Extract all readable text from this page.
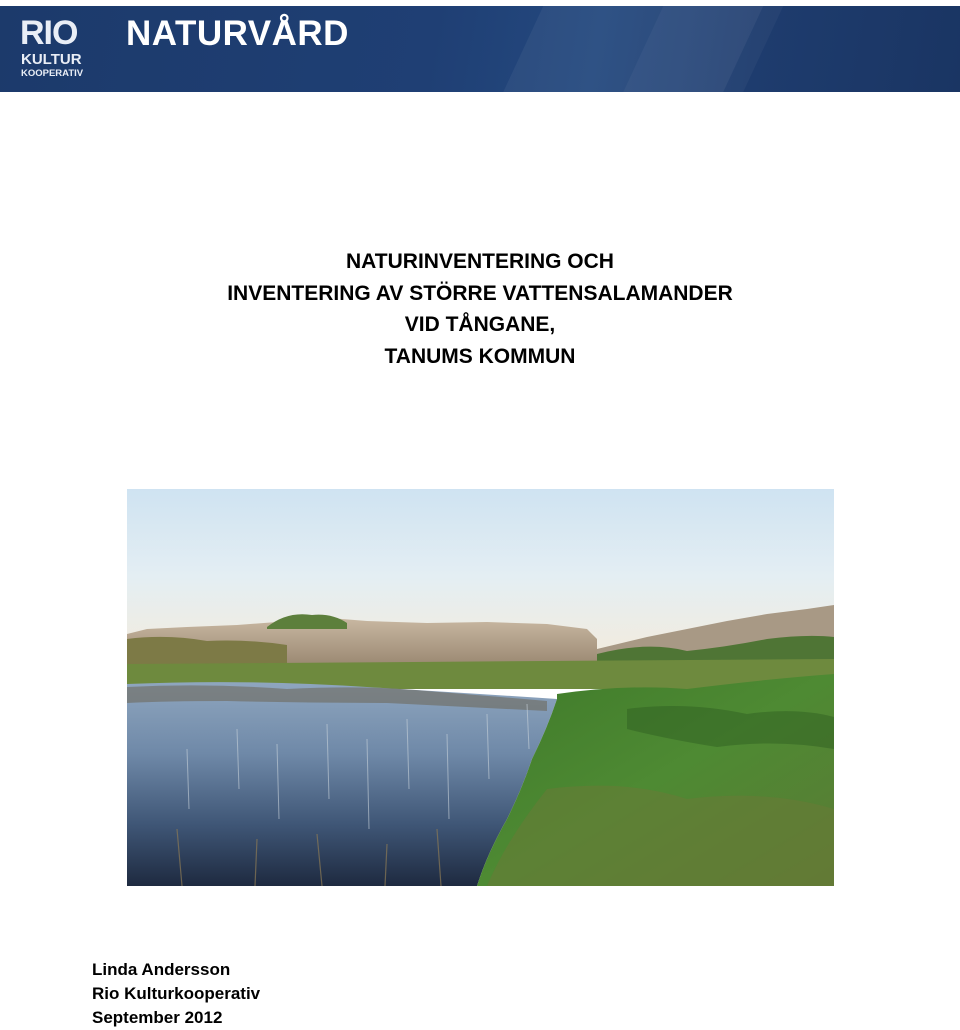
RIO
KULTUR
KOOPERATIV
NATURVÅRD
NATURINVENTERING OCH
INVENTERING AV STÖRRE VATTENSALAMANDER
VID TÅNGANE,
TANUMS KOMMUN
Linda Andersson
Rio Kulturkooperativ
September 2012
